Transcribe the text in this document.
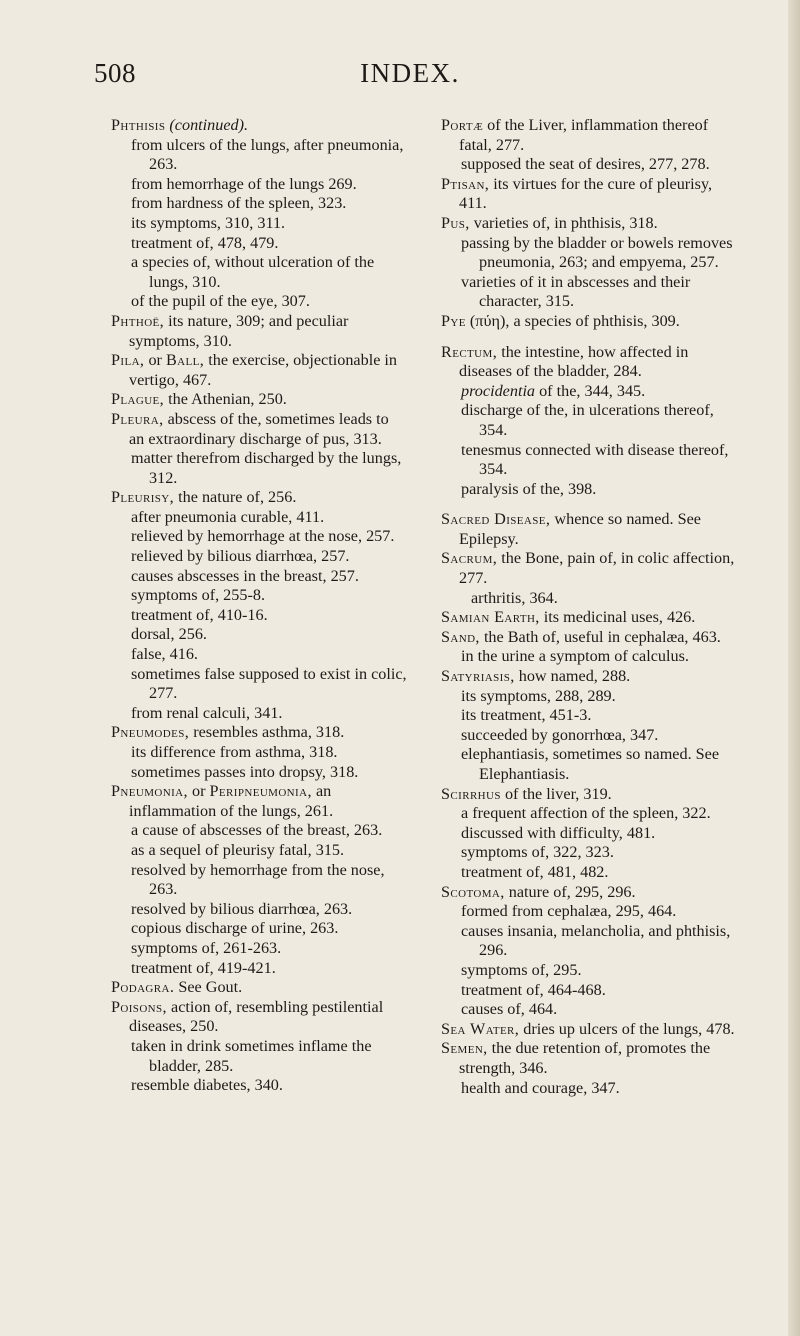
508	INDEX.
Phthisis (continued).
from ulcers of the lungs, after pneumonia, 263.
from hemorrhage of the lungs 269.
from hardness of the spleen, 323.
its symptoms, 310, 311.
treatment of, 478, 479.
a species of, without ulceration of the lungs, 310.
of the pupil of the eye, 307.
Phthoë, its nature, 309; and peculiar symptoms, 310.
Pila, or Ball, the exercise, objectionable in vertigo, 467.
Plague, the Athenian, 250.
Pleura, abscess of the, sometimes leads to an extraordinary discharge of pus, 313.
matter therefrom discharged by the lungs, 312.
Pleurisy, the nature of, 256.
after pneumonia curable, 411.
relieved by hemorrhage at the nose, 257.
relieved by bilious diarrhœa, 257.
causes abscesses in the breast, 257.
symptoms of, 255-8.
treatment of, 410-16.
dorsal, 256.
false, 416.
sometimes false supposed to exist in colic, 277.
from renal calculi, 341.
Pneumodes, resembles asthma, 318.
its difference from asthma, 318.
sometimes passes into dropsy, 318.
Pneumonia, or Peripneumonia, an inflammation of the lungs, 261.
a cause of abscesses of the breast, 263.
as a sequel of pleurisy fatal, 315.
resolved by hemorrhage from the nose, 263.
resolved by bilious diarrhœa, 263.
copious discharge of urine, 263.
symptoms of, 261-263.
treatment of, 419-421.
Podagra. See Gout.
Poisons, action of, resembling pestilential diseases, 250.
taken in drink sometimes inflame the bladder, 285.
resemble diabetes, 340.
Portæ of the Liver, inflammation thereof fatal, 277.
supposed the seat of desires, 277, 278.
Ptisan, its virtues for the cure of pleurisy, 411.
Pus, varieties of, in phthisis, 318.
passing by the bladder or bowels removes pneumonia, 263; and empyema, 257.
varieties of it in abscesses and their character, 315.
Pye (πύη), a species of phthisis, 309.
Rectum, the intestine, how affected in diseases of the bladder, 284.
procidentia of the, 344, 345.
discharge of the, in ulcerations thereof, 354.
tenesmus connected with disease thereof, 354.
paralysis of the, 398.
Sacred Disease, whence so named. See Epilepsy.
Sacrum, the Bone, pain of, in colic affection, 277.
arthritis, 364.
Samian Earth, its medicinal uses, 426.
Sand, the Bath of, useful in cephalæa, 463.
in the urine a symptom of calculus.
Satyriasis, how named, 288.
its symptoms, 288, 289.
its treatment, 451-3.
succeeded by gonorrhœa, 347.
elephantiasis, sometimes so named. See Elephantiasis.
Scirrhus of the liver, 319.
a frequent affection of the spleen, 322.
discussed with difficulty, 481.
symptoms of, 322, 323.
treatment of, 481, 482.
Scotoma, nature of, 295, 296.
formed from cephalæa, 295, 464.
causes insania, melancholia, and phthisis, 296.
symptoms of, 295.
treatment of, 464-468.
causes of, 464.
Sea Water, dries up ulcers of the lungs, 478.
Semen, the due retention of, promotes the strength, 346.
health and courage, 347.
